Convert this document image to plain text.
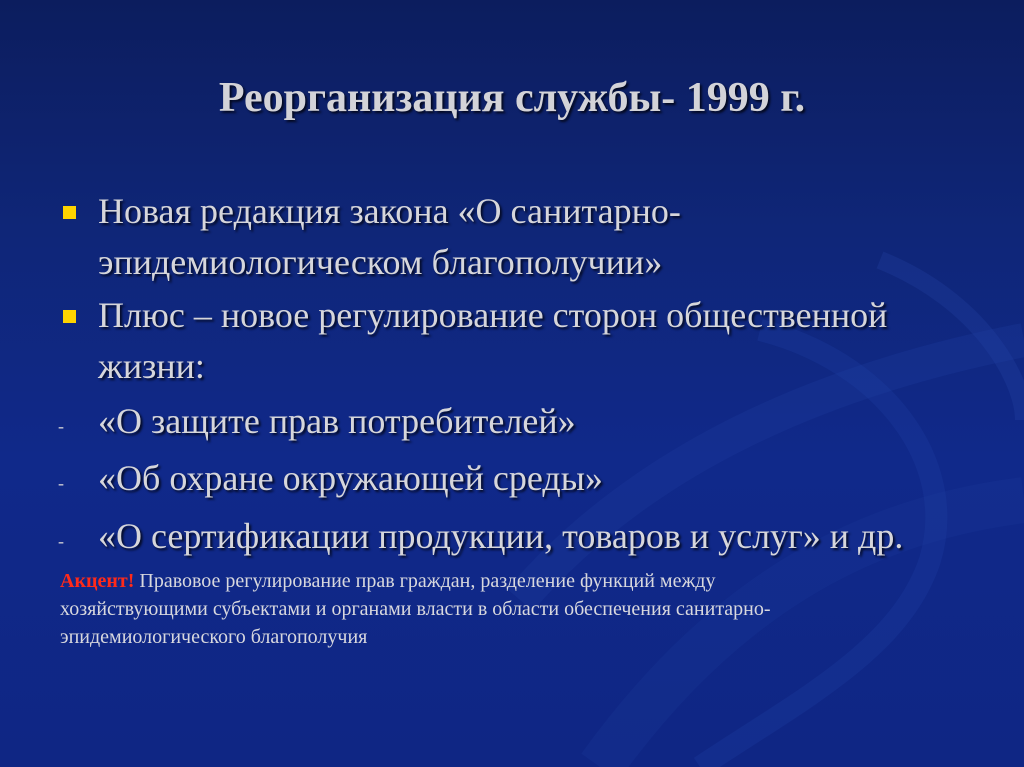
Реорганизация службы- 1999 г.
Новая редакция закона «О санитарно-
эпидемиологическом благополучии»
Плюс – новое регулирование сторон общественной
жизни:
- «О защите прав потребителей»
- «Об охране окружающей среды»
- «О сертификации продукции, товаров и услуг» и др.
Акцент! Правовое регулирование прав граждан, разделение функций между
хозяйствующими субъектами и органами власти в области обеспечения санитарно-
эпидемиологического благополучия
